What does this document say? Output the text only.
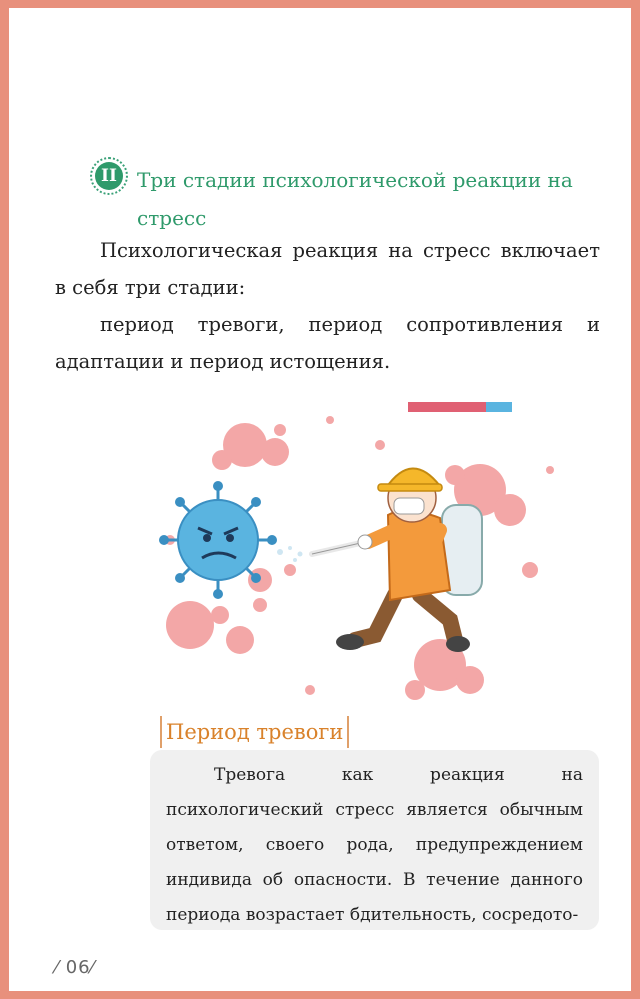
II	Три стадии психологической реакции на стресс

Психологическая реакция на стресс включает в себя три стадии:

период тревоги, период сопротивления и адаптации и период истощения.

Период тревоги

Тревога как реакция на психологический стресс является обычным ответом, своего рода, предупреждением индивида об опасности. В течение данного периода возрастает бдительность, сосредото-

⁄ 06⁄
